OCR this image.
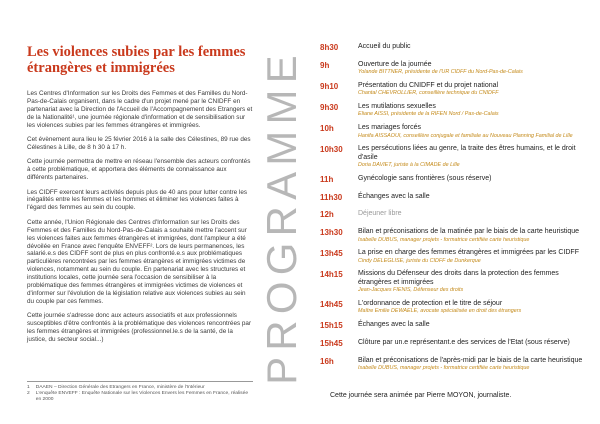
Les violences subies par les femmes étrangères et immigrées

Les Centres d'Information sur les Droits des Femmes et des Familles du Nord-Pas-de-Calais organisent, dans le cadre d'un projet mené par le CNIDFF en partenariat avec la Direction de l'Accueil de l'Accompagnement des Etrangers et de la Nationalité¹, une journée régionale d'information et de sensibilisation sur les violences subies par les femmes étrangères et immigrées.

Cet évènement aura lieu le 25 février 2016 à la salle des Célestines, 89 rue des Célestines à Lille, de 8 h 30 à 17 h.

Cette journée permettra de mettre en réseau l'ensemble des acteurs confrontés à cette problématique, et apportera des éléments de connaissance aux différents partenaires.

Les CIDFF exercent leurs activités depuis plus de 40 ans pour lutter contre les inégalités entre les femmes et les hommes et éliminer les violences faites à l'égard des femmes au sein du couple.

Cette année, l'Union Régionale des Centres d'Information sur les Droits des Femmes et des Familles du Nord-Pas-de-Calais a souhaité mettre l'accent sur les violences faites aux femmes étrangères et immigrées, dont l'ampleur a été dévoilée en France avec l'enquête ENVEFF². Lors de leurs permanences, les salarié.e.s des CIDFF sont de plus en plus confronté.e.s aux problématiques particulières rencontrées par les femmes étrangères et immigrées victimes de violences, notamment au sein du couple. En partenariat avec les structures et institutions locales, cette journée sera l'occasion de sensibiliser à la problématique des femmes étrangères et immigrées victimes de violences et d'informer sur l'évolution de la législation relative aux violences subies au sein du couple par ces femmes.

Cette journée s'adresse donc aux acteurs associatifs et aux professionnels susceptibles d'être confrontés à la problématique des violences rencontrées par les femmes étrangères et immigrées (professionnel.le.s de la santé, de la justice, du secteur social...)

1 DAAEN – Direction Générale des Etrangers en France, ministère de l'Intérieur
2 L'enquête ENVEFF : Enquête Nationale sur les Violences Envers les Femmes en France, réalisée en 2000
PROGRAMME
8h30	Accueil du public
9h	Ouverture de la journée
Yolande BITTNER, présidente de l'UR CIDFF du Nord-Pas-de-Calais
9h10	Présentation du CNIDFF et du projet national
Chantal CHEVROLLIER, conseillère technique du CNIDFF
9h30	Les mutilations sexuelles
Eliane AISSI, présidente de la RIFEN Nord / Pas-de-Calais
10h	Les mariages forcés
Hanifa AISSAOUI, conseillère conjugale et familiale au Nouveau Planning Familial de Lille
10h30	Les persécutions liées au genre, la traite des êtres humains, et le droit d'asile
Doria DAVIET, juriste à la CIMADE de Lille
11h	Gynécologie sans frontières (sous réserve)
11h30	Échanges avec la salle
12h	Déjeuner libre
13h30	Bilan et préconisations de la matinée par le biais de la carte heuristique
Isabelle DUBUS, manager projets - formatrice certifiée carte heuristique
13h45	La prise en charge des femmes étrangères et immigrées par les CIDFF
Cindy DELEGLISE, juriste du CIDFF de Dunkerque
14h15	Missions du Défenseur des droits dans la protection des femmes étrangères et immigrées
Jean-Jacques FIENIS, Défenseur des droits
14h45	L'ordonnance de protection et le titre de séjour
Maître Emilie DEWAELE, avocate spécialisée en droit des étrangers
15h15	Échanges avec la salle
15h45	Clôture par un.e représentant.e des services de l'Etat (sous réserve)
16h	Bilan et préconisations de l'après-midi par le biais de la carte heuristique
Isabelle DUBUS, manager projets - formatrice certifiée carte heuristique
Cette journée sera animée par Pierre MOYON, journaliste.
